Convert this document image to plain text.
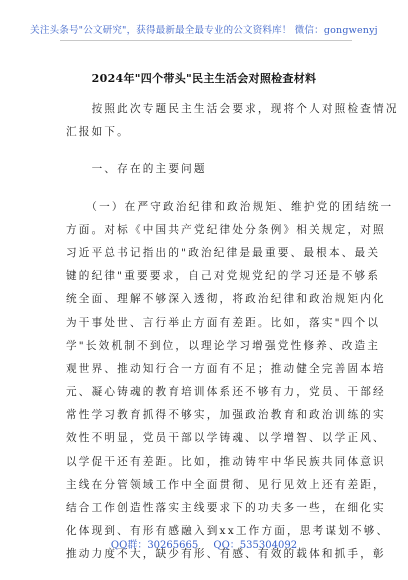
关注头条号"公文研究"，获得最新最全最专业的公文资料库！ 微信：gongwenyj
2024年"四个带头"民主生活会对照检查材料
　　按照此次专题民主生活会要求，现将个人对照检查情况
汇报如下。
　　一、存在的主要问题
　　（一）在严守政治纪律和政治规矩、维护党的团结统一
方面。对标《中国共产党纪律处分条例》相关规定，对照
习近平总书记指出的"政治纪律是最重要、最根本、最关
键的纪律"重要要求，自己对党规党纪的学习还是不够系
统全面、理解不够深入透彻，将政治纪律和政治规矩内化
为干事处世、言行举止方面有差距。比如，落实"四个以
学"长效机制不到位，以理论学习增强党性修养、改造主
观世界、推动知行合一方面有不足；推动健全完善固本培
元、凝心铸魂的教育培训体系还不够有力，党员、干部经
常性学习教育抓得不够实，加强政治教育和政治训练的实
效性不明显，党员干部以学铸魂、以学增智、以学正风、
以学促干还有差距。比如，推动铸牢中华民族共同体意识
主线在分管领域工作中全面贯彻、见行见效上还有差距，
结合工作创造性落实主线要求下的功夫多一些，在细化实
化体现到、有形有感融入到xx工作方面，思考谋划不够、
推动力度不大，缺少有形、有感、有效的载体和抓手，彰
QQ群：30265665 QQ：535304092
